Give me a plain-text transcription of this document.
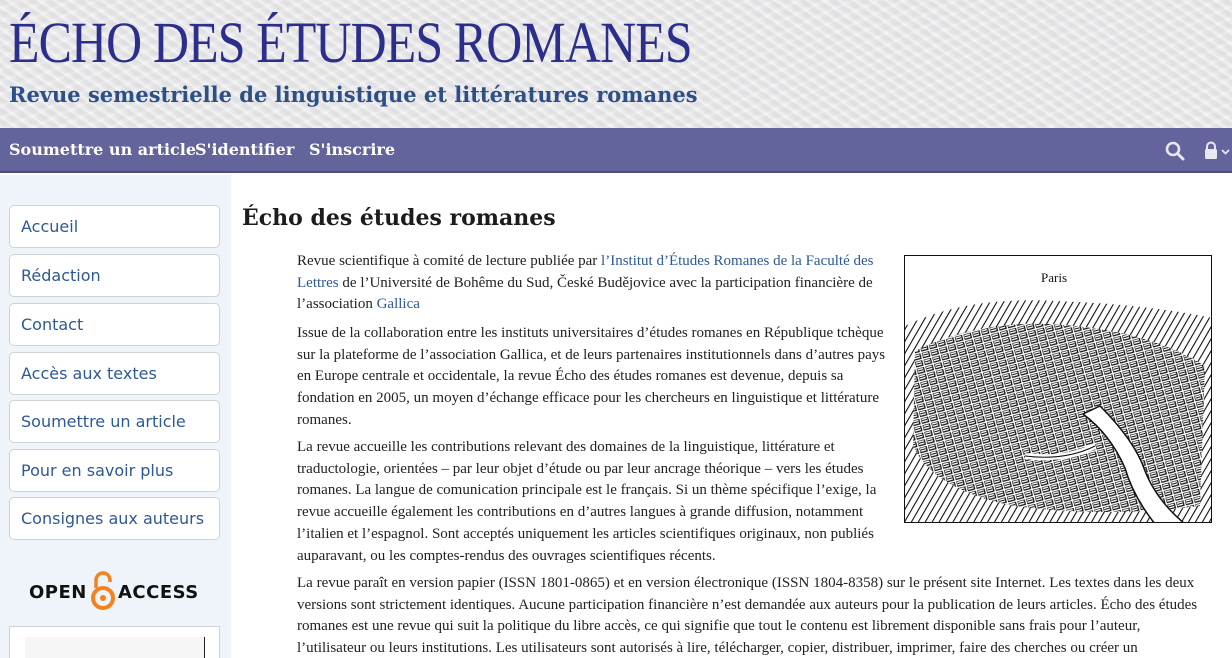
ÉCHO DES ÉTUDES ROMANES
Revue semestrielle de linguistique et littératures romanes
Soumettre un article
S'identifier S'inscrire
Accueil
Rédaction
Contact
Accès aux textes
Soumettre un article
Pour en savoir plus
Consignes aux auteurs
OPEN ACCESS
Écho des études romanes
Revue scientifique à comité de lecture publiée par l’Institut d’Études Romanes de la Faculté des Lettres de l’Université de Bohême du Sud, České Budějovice avec la participation financière de l’association Gallica
Issue de la collaboration entre les instituts universitaires d’études romanes en République tchèque sur la plateforme de l’association Gallica, et de leurs partenaires institutionnels dans d’autres pays en Europe centrale et occidentale, la revue Écho des études romanes est devenue, depuis sa fondation en 2005, un moyen d’échange efficace pour les chercheurs en linguistique et littérature romanes.
La revue accueille les contributions relevant des domaines de la linguistique, littérature et traductologie, orientées – par leur objet d’étude ou par leur ancrage théorique – vers les études romanes. La langue de comunication principale est le français. Si un thème spécifique l’exige, la revue accueille également les contributions en d’autres langues à grande diffusion, notamment l’italien et l’espagnol. Sont acceptés uniquement les articles scientifiques originaux, non publiés auparavant, ou les comptes-rendus des ouvrages scientifiques récents.
La revue paraît en version papier (ISSN 1801-0865) et en version électronique (ISSN 1804-8358) sur le présent site Internet. Les textes dans les deux versions sont strictement identiques. Aucune participation financière n’est demandée aux auteurs pour la publication de leurs articles. Écho des études romanes est une revue qui suit la politique du libre accès, ce qui signifie que tout le contenu est librement disponible sans frais pour l’auteur, l’utilisateur ou leurs institutions. Les utilisateurs sont autorisés à lire, télécharger, copier, distribuer, imprimer, faire des cherches ou créer un
Paris
